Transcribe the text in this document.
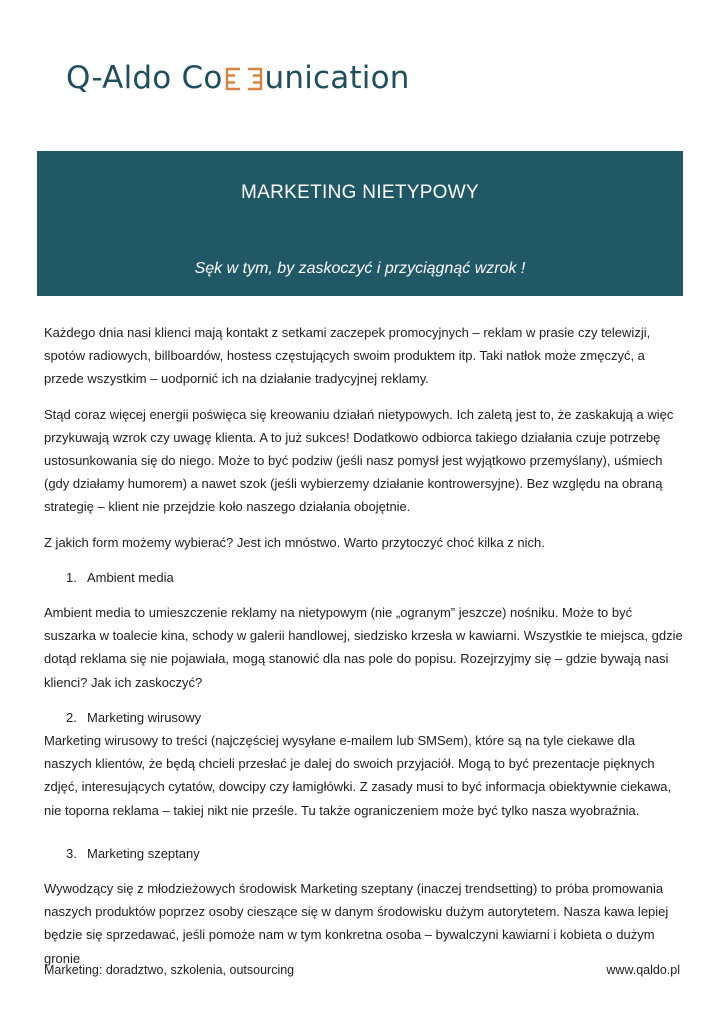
Q-Aldo Co unication
MARKETING NIETYPOWY
Sęk w tym, by zaskoczyć i przyciągnąć wzrok !

Każdego dnia nasi klienci mają kontakt z setkami zaczepek promocyjnych – reklam w prasie czy telewizji, spotów radiowych, billboardów, hostess częstujących swoim produktem itp. Taki natłok może zmęczyć, a przede wszystkim – uodpornić ich na działanie tradycyjnej reklamy.

Stąd coraz więcej energii poświęca się kreowaniu działań nietypowych. Ich zaletą jest to, że zaskakują a więc przykuwają wzrok czy uwagę klienta. A to już sukces! Dodatkowo odbiorca takiego działania czuje potrzebę ustosunkowania się do niego. Może to być podziw (jeśli nasz pomysł jest wyjątkowo przemyślany), uśmiech (gdy działamy humorem) a nawet szok (jeśli wybierzemy działanie kontrowersyjne). Bez względu na obraną strategię – klient nie przejdzie koło naszego działania obojętnie.

Z jakich form możemy wybierać? Jest ich mnóstwo. Warto przytoczyć choć kilka z nich.

1. Ambient media

Ambient media to umieszczenie reklamy na nietypowym (nie „ogranym” jeszcze) nośniku. Może to być suszarka w toalecie kina, schody w galerii handlowej, siedzisko krzesła w kawiarni. Wszystkie te miejsca, gdzie dotąd reklama się nie pojawiała, mogą stanowić dla nas pole do popisu. Rozejrzyjmy się – gdzie bywają nasi klienci? Jak ich zaskoczyć?

2. Marketing wirusowy

Marketing wirusowy to treści (najczęściej wysyłane e-mailem lub SMSem), które są na tyle ciekawe dla naszych klientów, że będą chcieli przesłać je dalej do swoich przyjaciół. Mogą to być prezentacje pięknych zdjęć, interesujących cytatów, dowcipy czy łamigłówki. Z zasady musi to być informacja obiektywnie ciekawa, nie toporna reklama – takiej nikt nie prześle. Tu także ograniczeniem może być tylko nasza wyobraźnia.

3. Marketing szeptany

Wywodzący się z młodzieżowych środowisk Marketing szeptany (inaczej trendsetting) to próba promowania naszych produktów poprzez osoby cieszące się w danym środowisku dużym autorytetem. Nasza kawa lepiej będzie się sprzedawać, jeśli pomoże nam w tym konkretna osoba – bywalczyni kawiarni i kobieta o dużym gronie

Marketing: doradztwo, szkolenia, outsourcing	www.qaldo.pl
